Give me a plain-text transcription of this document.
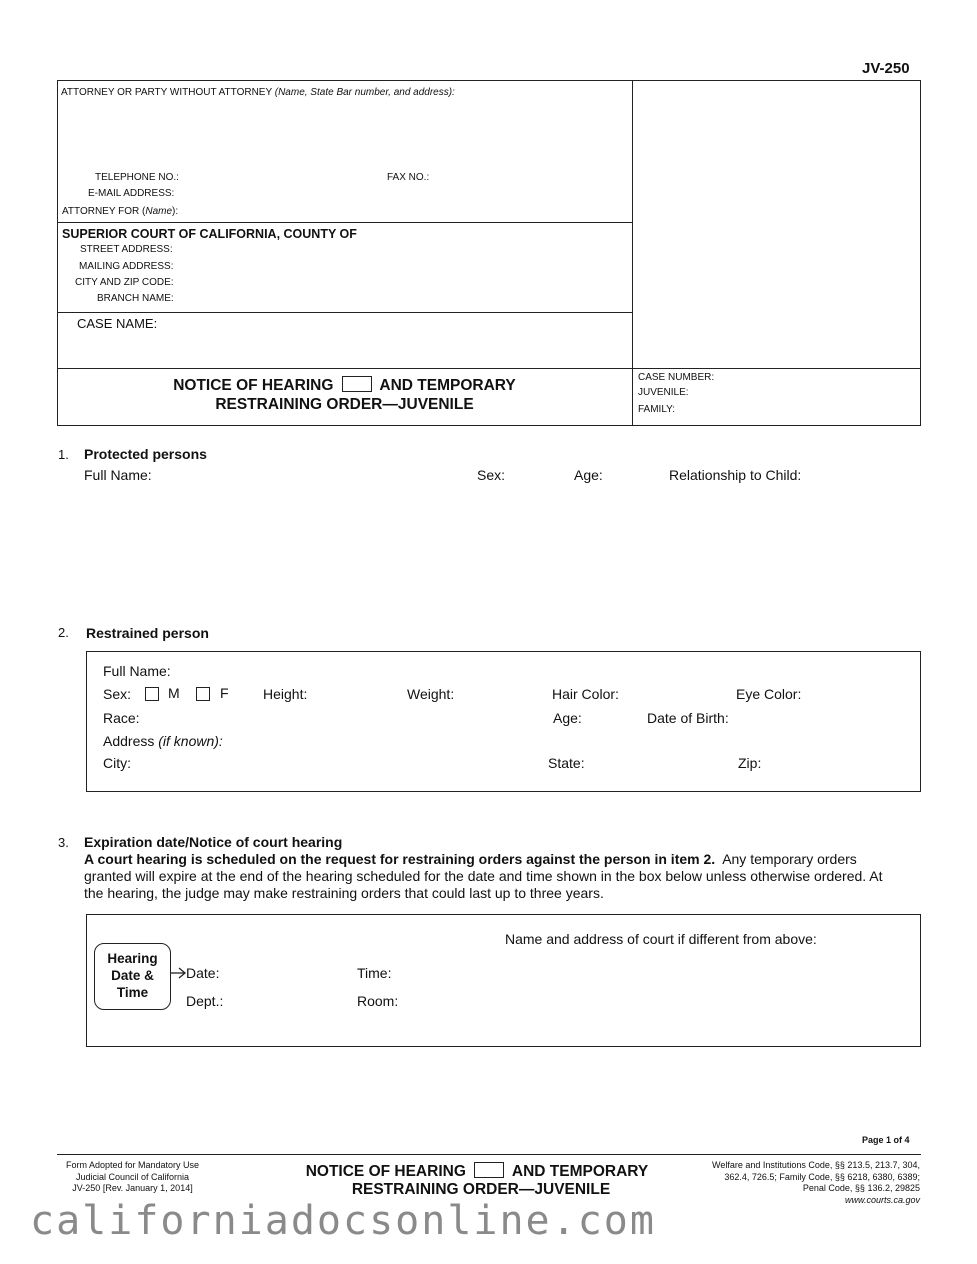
JV-250
ATTORNEY OR PARTY WITHOUT ATTORNEY (Name, State Bar number, and address):
TELEPHONE NO.:	FAX NO.:
E-MAIL ADDRESS:
ATTORNEY FOR (Name):
SUPERIOR COURT OF CALIFORNIA, COUNTY OF
STREET ADDRESS:
MAILING ADDRESS:
CITY AND ZIP CODE:
BRANCH NAME:
CASE NAME:
NOTICE OF HEARING	AND TEMPORARY
RESTRAINING ORDER—JUVENILE
CASE NUMBER:
JUVENILE:
FAMILY:
1. Protected persons
Full Name:	Sex:	Age:	Relationship to Child:
2. Restrained person
Full Name:
Sex:	M	F Height:	Weight:	Hair Color:	Eye Color:
Race:	Age:	Date of Birth:
Address (if known):
City:	State:	Zip:
3. Expiration date/Notice of court hearing
A court hearing is scheduled on the request for restraining orders against the person in item 2. Any temporary orders
granted will expire at the end of the hearing scheduled for the date and time shown in the box below unless otherwise ordered. At
the hearing, the judge may make restraining orders that could last up to three years.
Name and address of court if different from above:
Hearing
Date &
Time
Date:	Time:
Dept.:	Room:
Page 1 of 4
Form Adopted for Mandatory Use
Judicial Council of California
JV-250 [Rev. January 1, 2014]
NOTICE OF HEARING	AND TEMPORARY
RESTRAINING ORDER—JUVENILE
Welfare and Institutions Code, §§ 213.5, 213.7, 304,
362.4, 726.5; Family Code, §§ 6218, 6380, 6389;
Penal Code, §§ 136.2, 29825
www.courts.ca.gov
californiadocsonline.com
